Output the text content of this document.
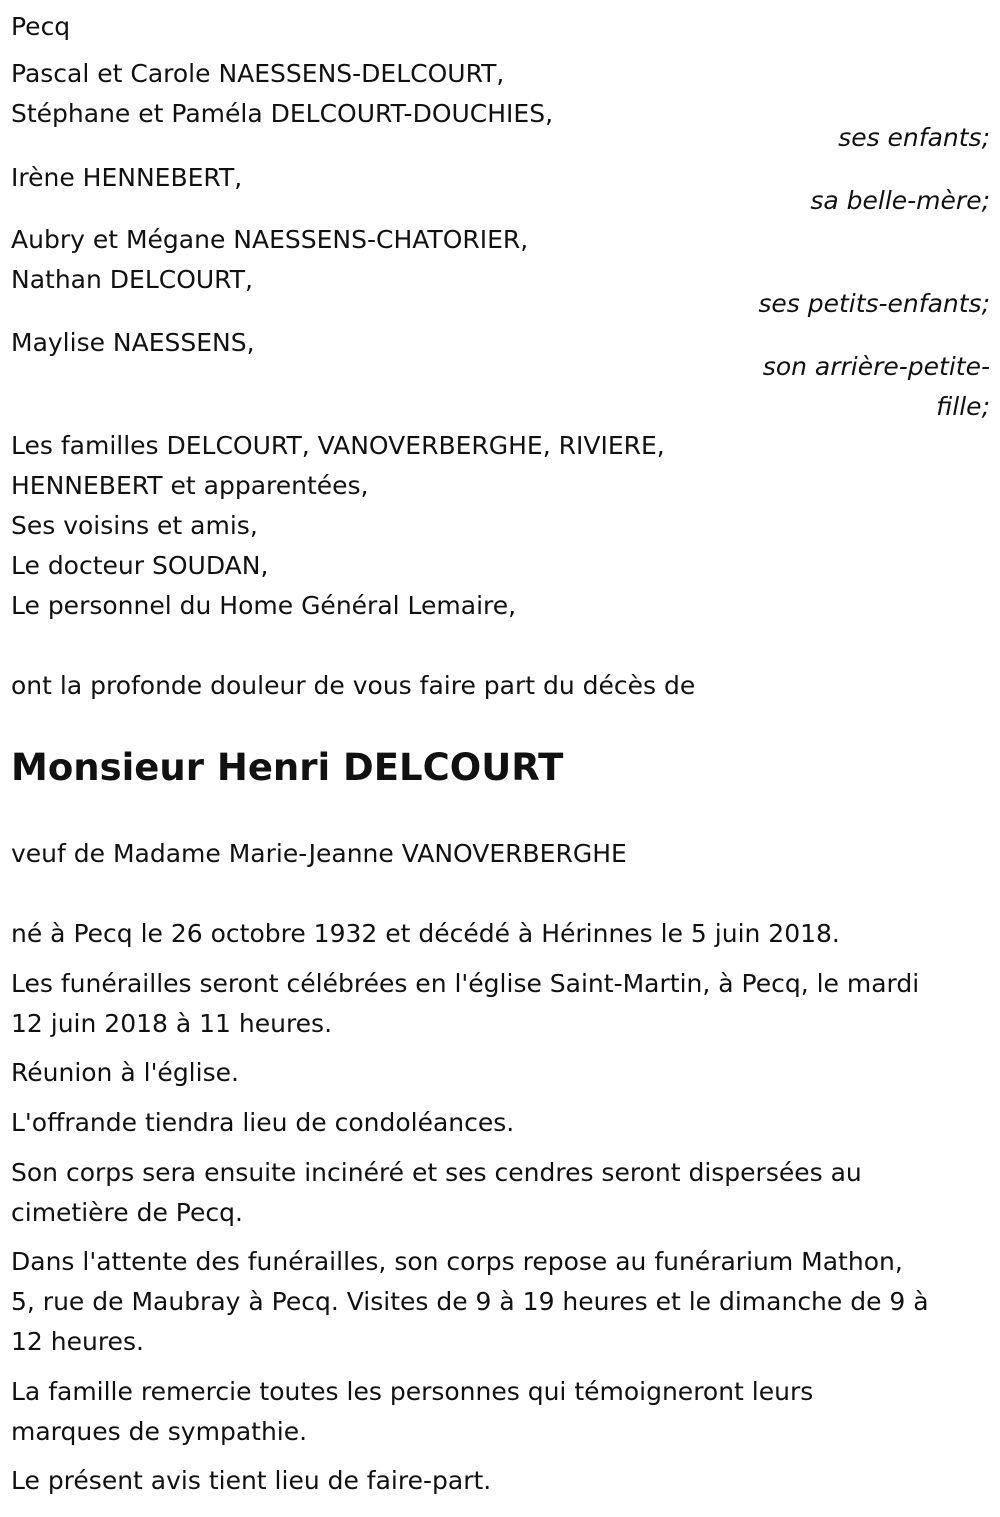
Pecq
Pascal et Carole NAESSENS-DELCOURT,
Stéphane et Paméla DELCOURT-DOUCHIES,
ses enfants;
Irène HENNEBERT,
sa belle-mère;
Aubry et Mégane NAESSENS-CHATORIER,
Nathan DELCOURT,
ses petits-enfants;
Maylise NAESSENS,
son arrière-petite-
fille;
Les familles DELCOURT, VANOVERBERGHE, RIVIERE,
HENNEBERT et apparentées,
Ses voisins et amis,
Le docteur SOUDAN,
Le personnel du Home Général Lemaire,
ont la profonde douleur de vous faire part du décès de
Monsieur Henri DELCOURT
veuf de Madame Marie-Jeanne VANOVERBERGHE
né à Pecq le 26 octobre 1932 et décédé à Hérinnes le 5 juin 2018.
Les funérailles seront célébrées en l'église Saint-Martin, à Pecq, le mardi
12 juin 2018 à 11 heures.
Réunion à l'église.
L'offrande tiendra lieu de condoléances.
Son corps sera ensuite incinéré et ses cendres seront dispersées au
cimetière de Pecq.
Dans l'attente des funérailles, son corps repose au funérarium Mathon,
5, rue de Maubray à Pecq. Visites de 9 à 19 heures et le dimanche de 9 à
12 heures.
La famille remercie toutes les personnes qui témoigneront leurs
marques de sympathie.
Le présent avis tient lieu de faire-part.
